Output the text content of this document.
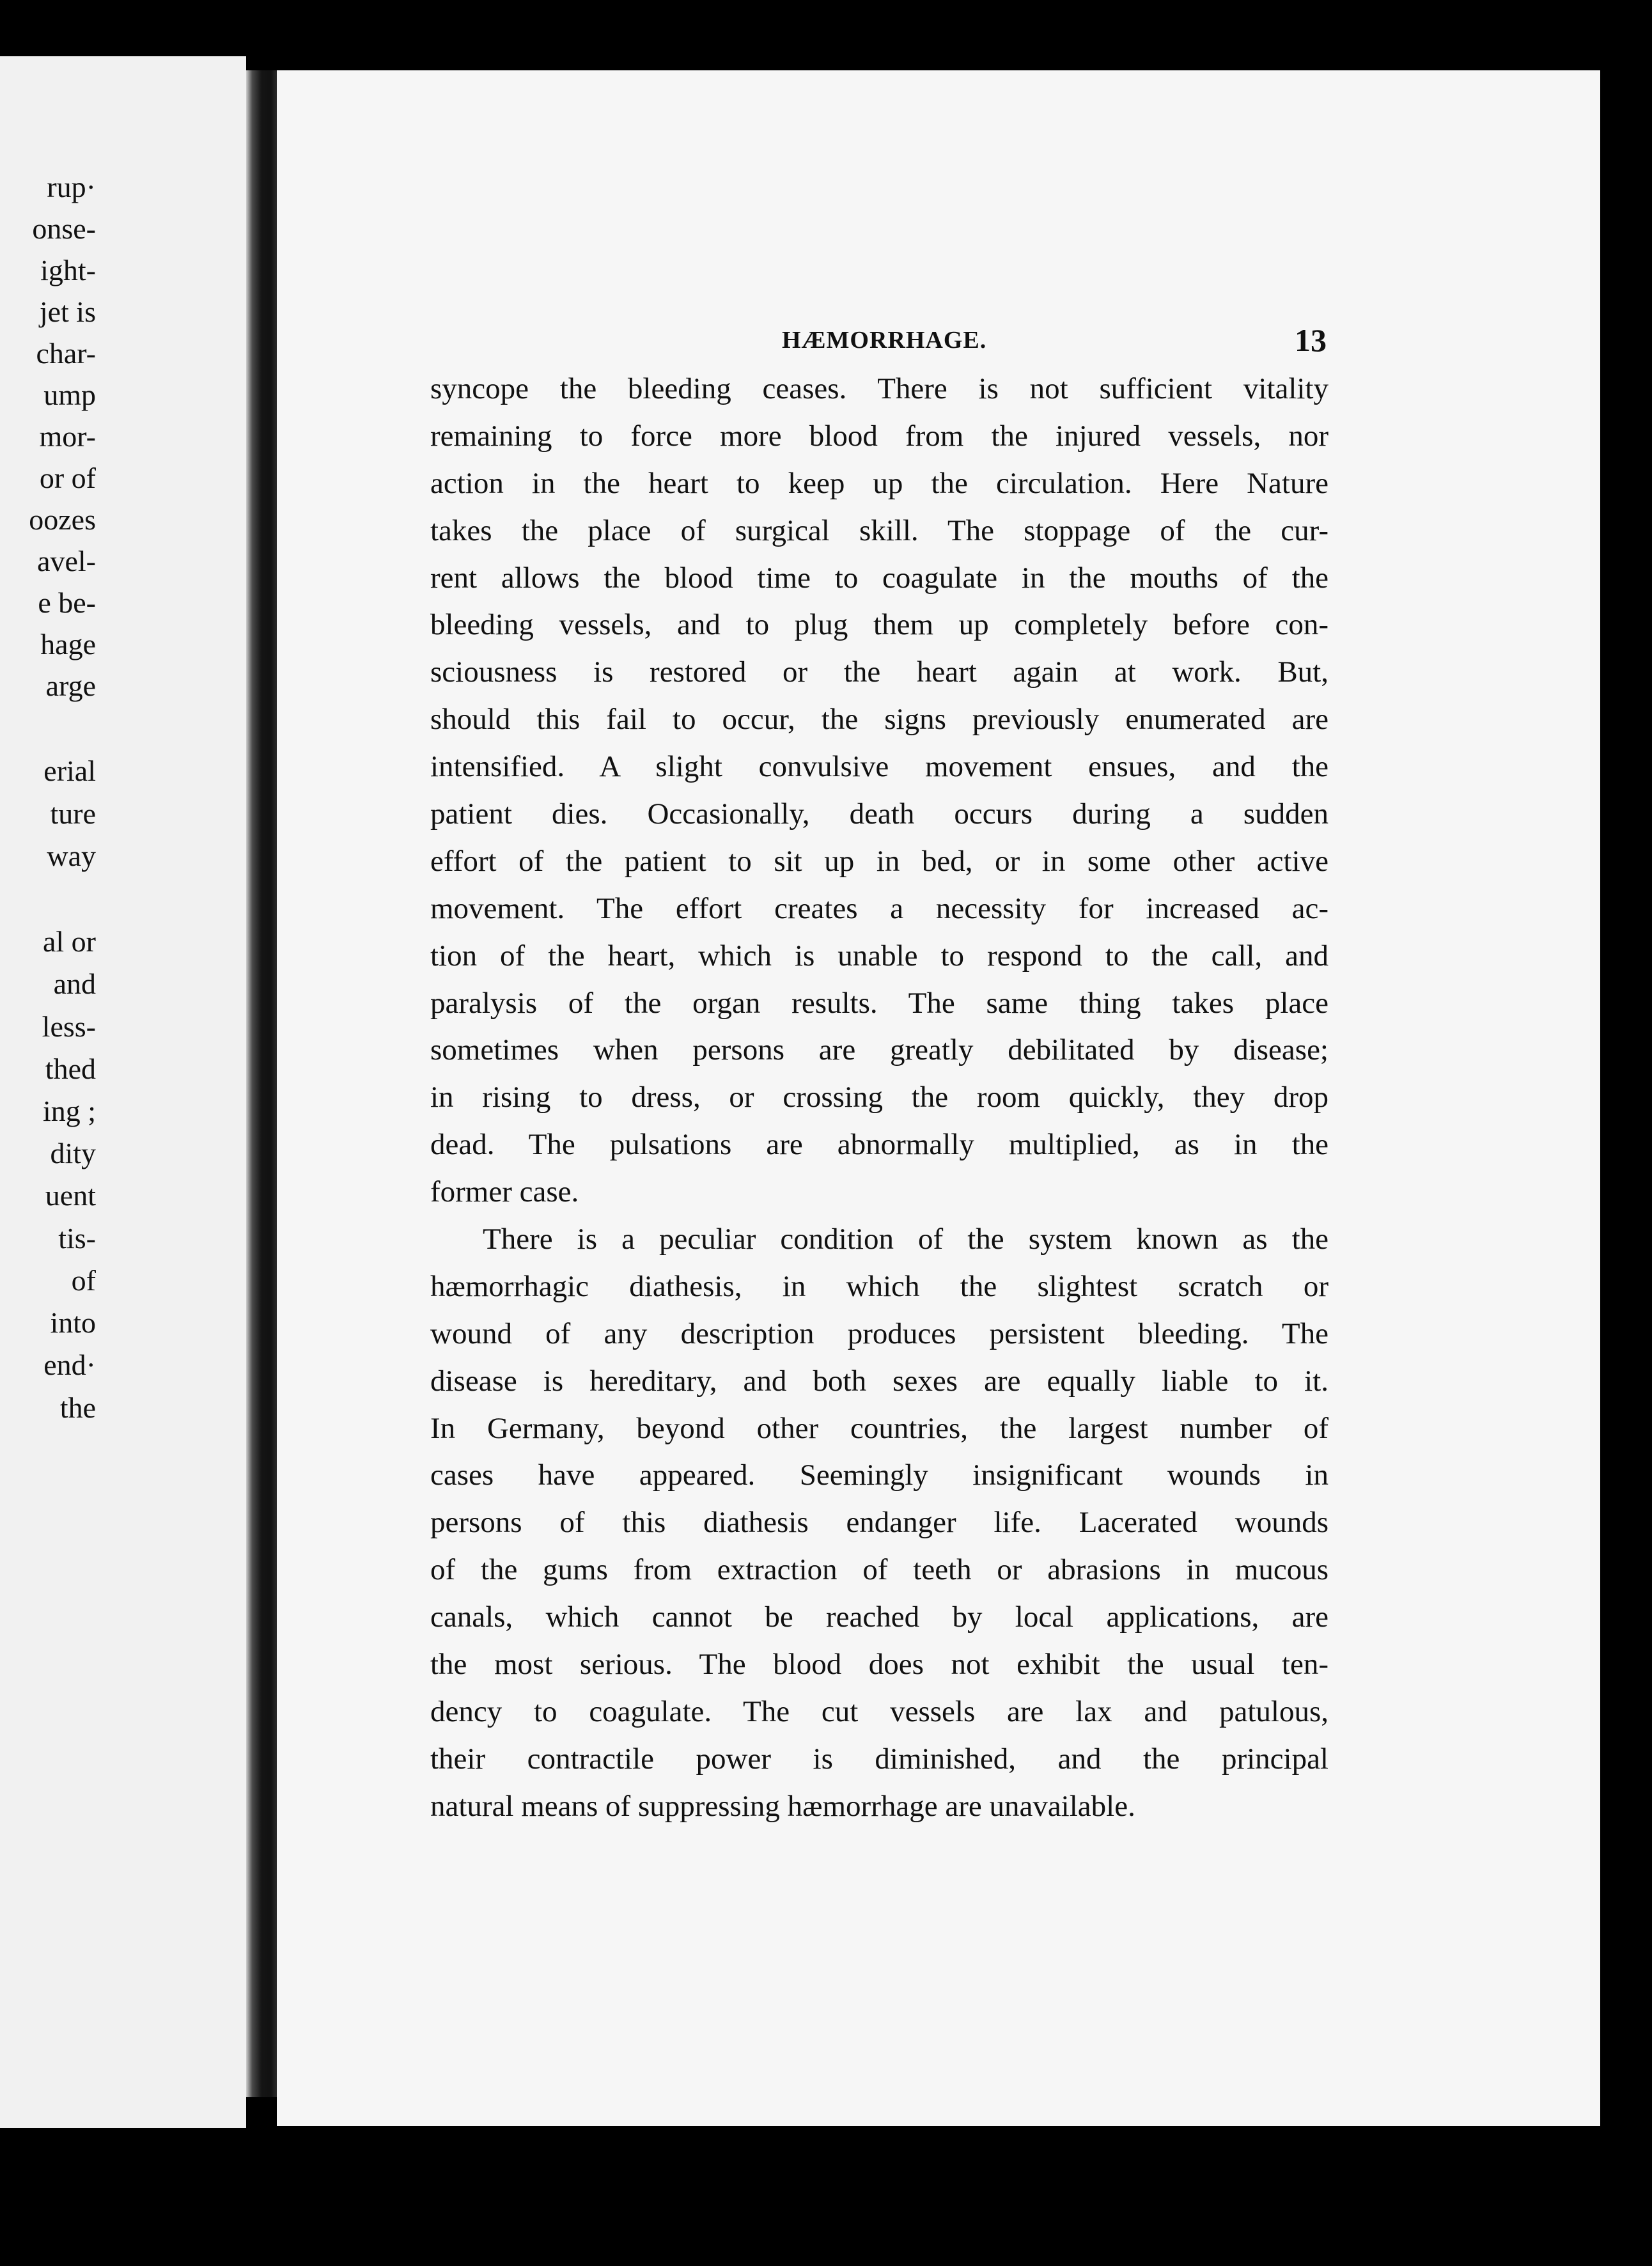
rup·
onse-
ight-
jet is
char-
ump
mor-
or of
oozes
avel-
e be-
hage
arge
erial
ture
way
al or
and
less-
thed
ing ;
dity
uent
tis-
of
into
end·
the
HÆMORRHAGE.	13
syncope the bleeding ceases. There is not sufficient vitality
remaining to force more blood from the injured vessels, nor
action in the heart to keep up the circulation. Here Nature
takes the place of surgical skill. The stoppage of the cur-
rent allows the blood time to coagulate in the mouths of the
bleeding vessels, and to plug them up completely before con-
sciousness is restored or the heart again at work. But,
should this fail to occur, the signs previously enumerated are
intensified. A slight convulsive movement ensues, and the
patient dies. Occasionally, death occurs during a sudden
effort of the patient to sit up in bed, or in some other active
movement. The effort creates a necessity for increased ac-
tion of the heart, which is unable to respond to the call, and
paralysis of the organ results. The same thing takes place
sometimes when persons are greatly debilitated by disease;
in rising to dress, or crossing the room quickly, they drop
dead. The pulsations are abnormally multiplied, as in the
former case.
There is a peculiar condition of the system known as the
hæmorrhagic diathesis, in which the slightest scratch or
wound of any description produces persistent bleeding. The
disease is hereditary, and both sexes are equally liable to it.
In Germany, beyond other countries, the largest number of
cases have appeared. Seemingly insignificant wounds in
persons of this diathesis endanger life. Lacerated wounds
of the gums from extraction of teeth or abrasions in mucous
canals, which cannot be reached by local applications, are
the most serious. The blood does not exhibit the usual ten-
dency to coagulate. The cut vessels are lax and patulous,
their contractile power is diminished, and the principal
natural means of suppressing hæmorrhage are unavailable.
